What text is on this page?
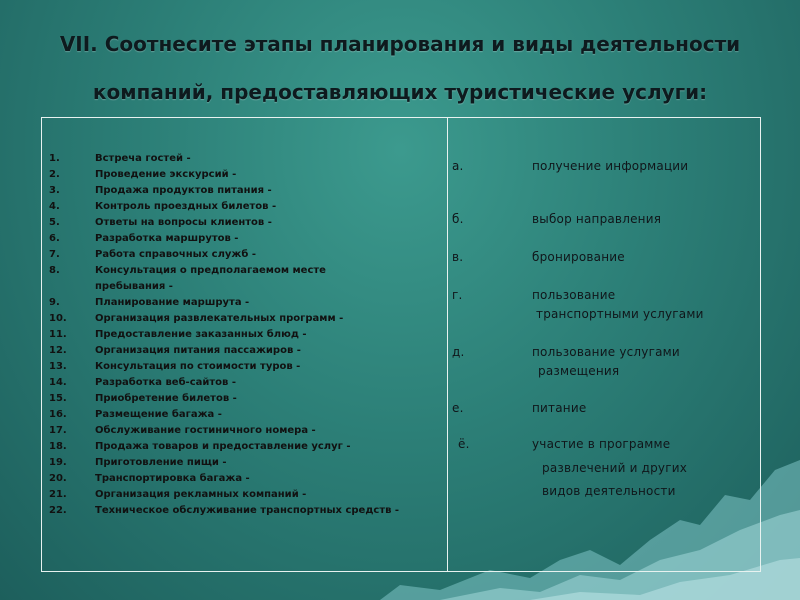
VII. Соотнесите этапы планирования и виды деятельности
компаний, предоставляющих туристические услуги:
1.	Встреча гостей -
2.	Проведение экскурсий -
3.	Продажа продуктов питания -
4.	Контроль проездных билетов -
5.	Ответы на вопросы клиентов -
6.	Разработка маршрутов -
7.	Работа справочных служб -
8.	Консультация о предполагаемом месте
пребывания -
9.	Планирование маршрута -
10.	Организация развлекательных программ -
11.	Предоставление заказанных блюд -
12.	Организация питания пассажиров -
13.	Консультация по стоимости туров -
14.	Разработка веб-сайтов -
15.	Приобретение билетов -
16.	Размещение багажа -
17.	Обслуживание гостиничного номера -
18.	Продажа товаров и предоставление услуг -
19.	Приготовление пищи -
20.	Транспортировка багажа -
21.	Организация рекламных компаний -
22.	Техническое обслуживание транспортных средств -
а.	получение информации
б.	выбор направления
в.	бронирование
г.	пользование
транспортными услугами
д.	пользование услугами
размещения
е.	питание
ё.	участие в программе
развлечений и других
видов деятельности
